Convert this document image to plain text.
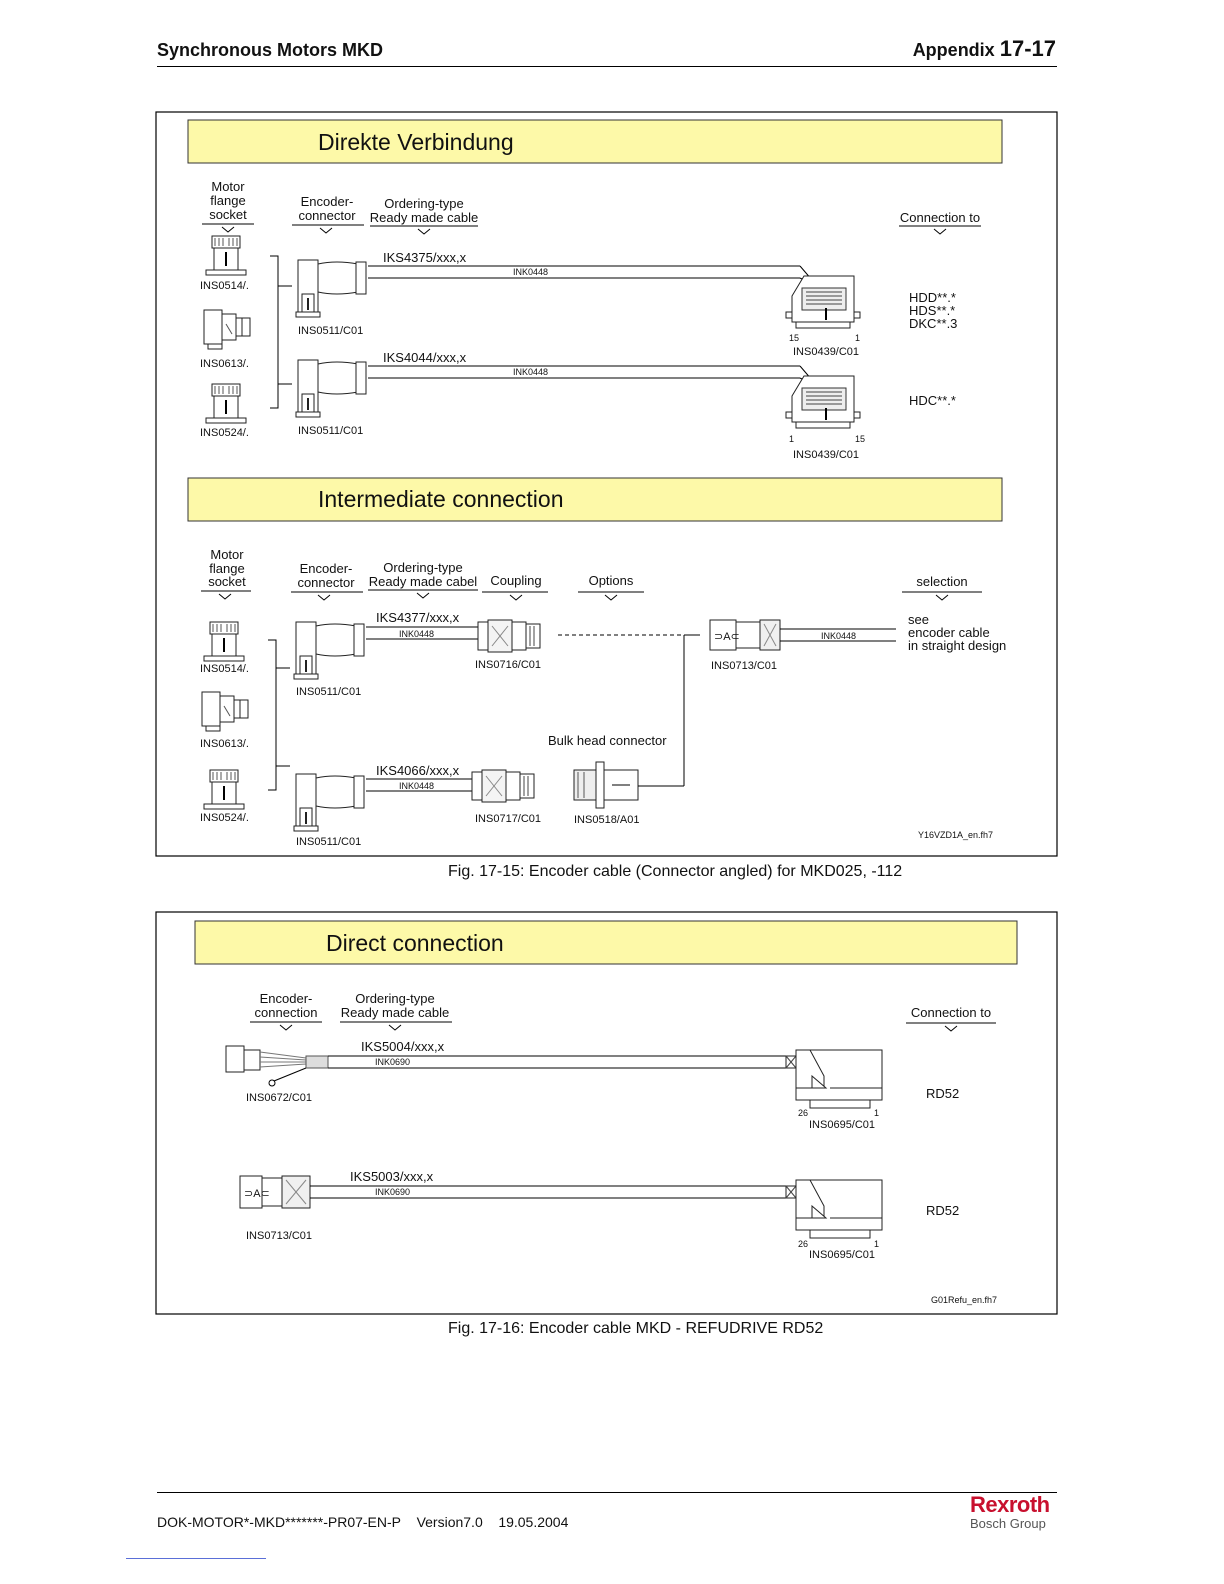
Synchronous Motors MKD	Appendix 17-17
Direkte Verbindung
Motor
flange
socket
Encoder-
connector
Ordering-type
Ready made cable	Connection to
INS0514/.
INS0613/.
INS0524/.
INS0511/C01
IKS4375/xxx,x
INK0448
15	1
INS0439/C01
HDD**.*
HDS**.*
DKC**.3
INS0511/C01
IKS4044/xxx,x
INK0448
1	15
INS0439/C01
HDC**.*
Intermediate connection
Motor
flange
socket
Encoder-
connector
Ordering-type
Ready made cabel Coupling	Options	selection
INS0514/.
INS0613/.
INS0524/.
INS0511/C01
IKS4377/xxx,x
INK0448
INS0716/C01
⊃A⊂	INK0448
INS0713/C01
see
encoder cable
in straight design
INS0511/C01
IKS4066/xxx,x
INK0448
INS0717/C01
Bulk head connector
INS0518/A01
Y16VZD1A_en.fh7
Fig. 17-15: Encoder cable (Connector angled) for MKD025, -112
Direct connection
Encoder-
connection
Ordering-type
Ready made cable	Connection to
INS0672/C01
IKS5004/xxx,x
INK0690
26	1
INS0695/C01
RD52
⊃A⊂
INS0713/C01
IKS5003/xxx,x
INK0690
26	1
INS0695/C01
RD52
G01Refu_en.fh7
Fig. 17-16: Encoder cable MKD - REFUDRIVE RD52
DOK-MOTOR*-MKD*******-PR07-EN-P Version7.0 19.05.2004
Rexroth
Bosch Group
